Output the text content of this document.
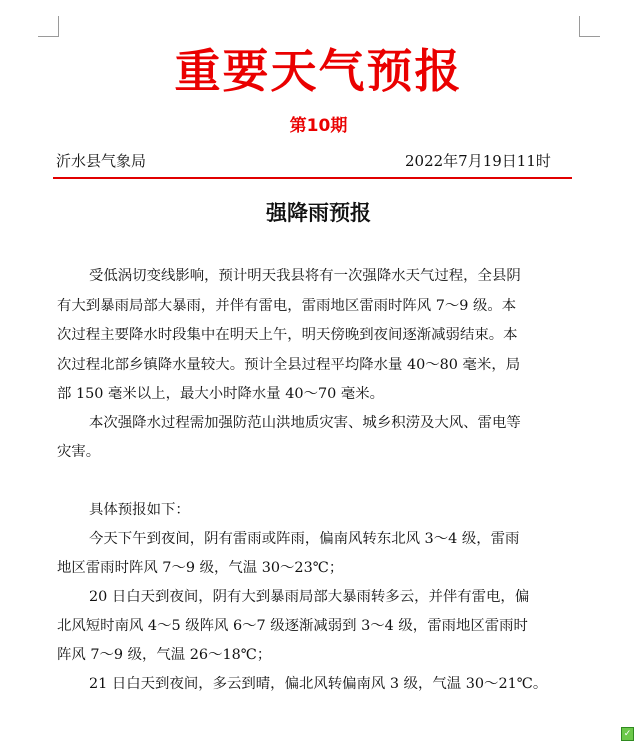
重要天气预报
第10期
沂水县气象局	2022年7月19日11时
强降雨预报
受低涡切变线影响，预计明天我县将有一次强降水天气过程，全县阴
有大到暴雨局部大暴雨，并伴有雷电，雷雨地区雷雨时阵风 7～9 级。本
次过程主要降水时段集中在明天上午，明天傍晚到夜间逐渐减弱结束。本
次过程北部乡镇降水量较大。预计全县过程平均降水量 40～80 毫米，局
部 150 毫米以上，最大小时降水量 40～70 毫米。
本次强降水过程需加强防范山洪地质灾害、城乡积涝及大风、雷电等
灾害。
具体预报如下：
今天下午到夜间，阴有雷雨或阵雨，偏南风转东北风 3～4 级，雷雨
地区雷雨时阵风 7～9 级，气温 30～23℃；
20 日白天到夜间，阴有大到暴雨局部大暴雨转多云，并伴有雷电，偏
北风短时南风 4～5 级阵风 6～7 级逐渐减弱到 3～4 级，雷雨地区雷雨时
阵风 7～9 级，气温 26～18℃；
21 日白天到夜间，多云到晴，偏北风转偏南风 3 级，气温 30～21℃。
✓
